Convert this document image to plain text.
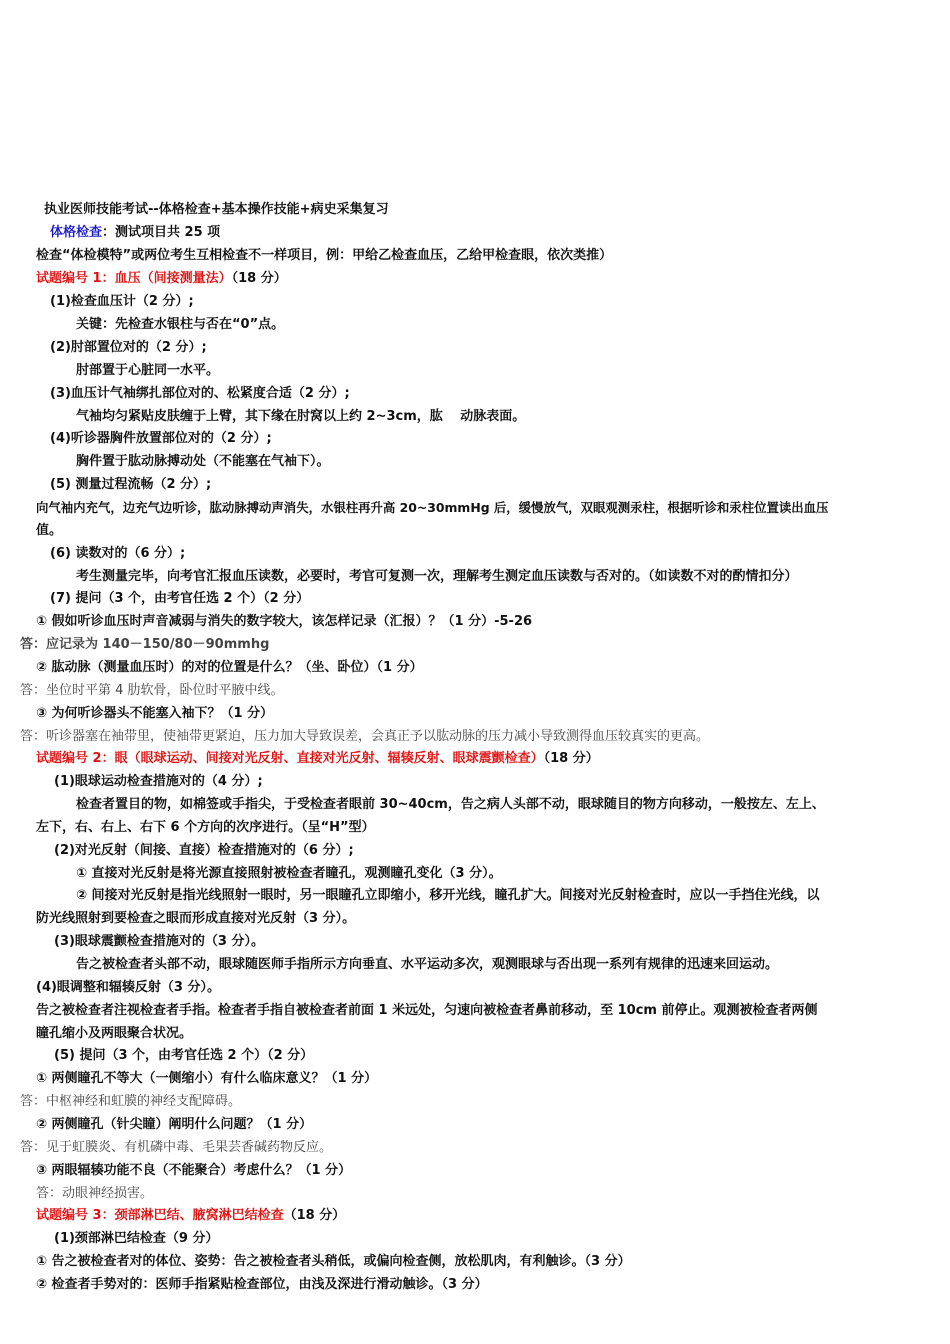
执业医师技能考试--体格检查+基本操作技能+病史采集复习
体格检查：测试项目共 25 项
检查“体检模特”或两位考生互相检查不一样项目，例：甲给乙检查血压，乙给甲检查眼，依次类推）
试题编号 1：血压（间接测量法）（18 分）
(1)检查血压计（2 分）;
关键：先检查水银柱与否在“0”点。
(2)肘部置位对的（2 分）;
肘部置于心脏同一水平。
(3)血压计气袖绑扎部位对的、松紧度合适（2 分）;
气袖均匀紧贴皮肤缠于上臂，其下缘在肘窝以上约 2~3cm，肱　 动脉表面。
(4)听诊器胸件放置部位对的（2 分）;
胸件置于肱动脉搏动处（不能塞在气袖下）。
(5) 测量过程流畅（2 分）;
向气袖内充气，边充气边听诊，肱动脉搏动声消失，水银柱再升高 20~30mmHg 后，缓慢放气，双眼观测汞柱，根据听诊和汞柱位置读出血压
值。
(6) 读数对的（6 分）;
考生测量完毕，向考官汇报血压读数，必要时，考官可复测一次，理解考生测定血压读数与否对的。（如读数不对的酌情扣分）
(7) 提问（3 个，由考官任选 2 个）（2 分）
① 假如听诊血压时声音减弱与消失的数字较大，该怎样记录（汇报）？（1 分）-5-26
答：应记录为 140－150/80－90mmhg
② 肱动脉（测量血压时）的对的位置是什么？（坐、卧位）（1 分）
答：坐位时平第 4 肋软骨，卧位时平腋中线。
③ 为何听诊器头不能塞入袖下？（1 分）
答：听诊器塞在袖带里，使袖带更紧迫，压力加大导致误差，会真正予以肱动脉的压力减小导致测得血压较真实的更高。
试题编号 2：眼（眼球运动、间接对光反射、直接对光反射、辐辏反射、眼球震颤检查）（18 分）
(1)眼球运动检查措施对的（4 分）;
检查者置目的物，如棉签或手指尖，于受检查者眼前 30~40cm，告之病人头部不动，眼球随目的物方向移动，一般按左、左上、
左下，右、右上、右下 6 个方向的次序进行。（呈“H”型）
(2)对光反射（间接、直接）检查措施对的（6 分）;
① 直接对光反射是将光源直接照射被检查者瞳孔，观测瞳孔变化（3 分）。
② 间接对光反射是指光线照射一眼时，另一眼瞳孔立即缩小，移开光线，瞳孔扩大。间接对光反射检查时，应以一手挡住光线，以
防光线照射到要检查之眼而形成直接对光反射（3 分）。
(3)眼球震颤检查措施对的（3 分）。
告之被检查者头部不动，眼球随医师手指所示方向垂直、水平运动多次，观测眼球与否出现一系列有规律的迅速来回运动。
(4)眼调整和辐辏反射（3 分）。
告之被检查者注视检查者手指。检查者手指自被检查者前面 1 米远处，匀速向被检查者鼻前移动，至 10cm 前停止。观测被检查者两侧
瞳孔缩小及两眼聚合状况。
(5) 提问（3 个，由考官任选 2 个）（2 分）
① 两侧瞳孔不等大（一侧缩小）有什么临床意义？（1 分）
答：中枢神经和虹膜的神经支配障碍。
② 两侧瞳孔（针尖瞳）阐明什么问题？（1 分）
答：见于虹膜炎、有机磷中毒、毛果芸香碱药物反应。
③ 两眼辐辏功能不良（不能聚合）考虑什么？（1 分）
答：动眼神经损害。
试题编号 3：颈部淋巴结、腋窝淋巴结检查（18 分）
(1)颈部淋巴结检查（9 分）
① 告之被检查者对的体位、姿势：告之被检查者头稍低，或偏向检查侧，放松肌肉，有利触诊。（3 分）
② 检查者手势对的：医师手指紧贴检查部位，由浅及深进行滑动触诊。（3 分）
